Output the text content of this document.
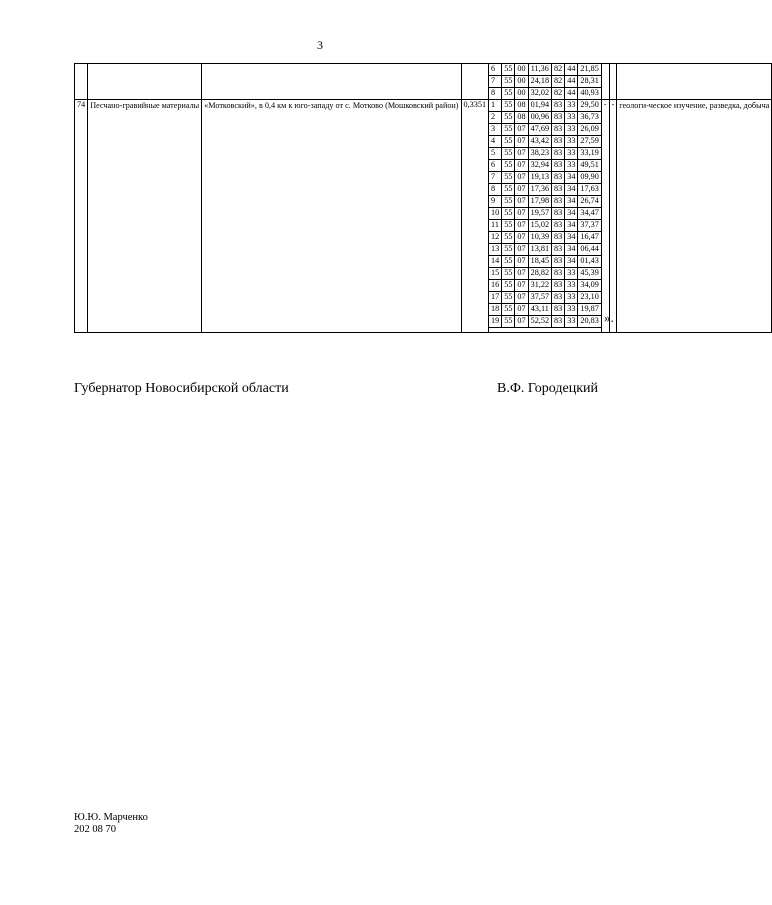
3
				6	55	00	11,36	82	44	21,85			
				7	55	00	24,18	82	44	28,31			
				8	55	00	32,02	82	44	40,93			
74	Песчано-гравийные материалы	«Мотковский», в 0,4 км к юго-западу от с. Мотково (Мошковский район)	0,3351	1	55	08	01,94	83	33	29,50	-	-	геологи-ческое изучение, разведка, добыча
				2	55	08	00,96	83	33	36,73			
				3	55	07	47,69	83	33	26,09			
				4	55	07	43,42	83	33	27,59			
				5	55	07	38,23	83	33	33,19			
				6	55	07	32,94	83	33	49,51			
				7	55	07	19,13	83	34	09,90			
				8	55	07	17,36	83	34	17,63			
				9	55	07	17,98	83	34	26,74			
				10	55	07	19,57	83	34	34,47			
				11	55	07	15,02	83	34	37,37			
				12	55	07	10,39	83	34	16,47			
				13	55	07	13,81	83	34	06,44			
				14	55	07	18,45	83	34	01,43			
				15	55	07	28,82	83	33	45,39			
				16	55	07	31,22	83	33	34,09			
				17	55	07	37,57	83	33	23,10			
				18	55	07	43,11	83	33	19,87			
				19	55	07	52,52	83	33	20,83			».
Губернатор Новосибирской области	В.Ф. Городецкий
Ю.Ю. Марченко
202 08 70
